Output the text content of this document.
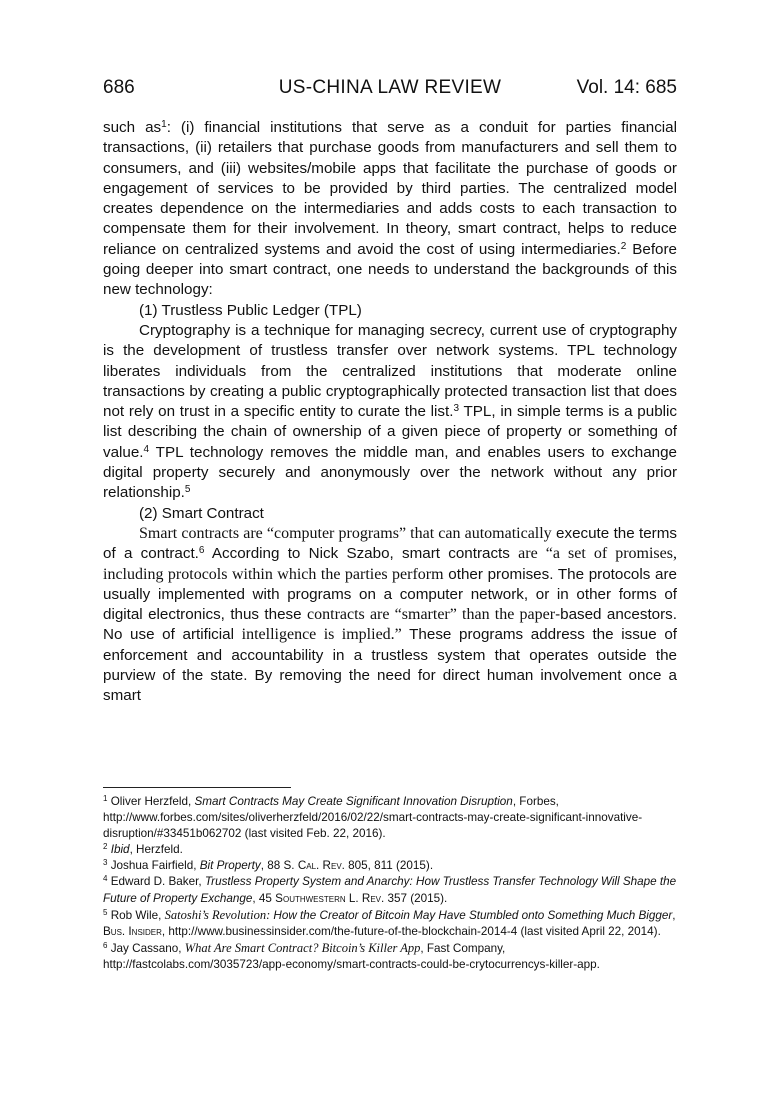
686	US-CHINA LAW REVIEW	Vol. 14: 685

such $as^1$: (i) financial institutions that serve as a conduit for parties financial transactions, (ii) retailers that purchase goods from manufacturers and sell them to consumers, and (iii) websites/mobile apps that facilitate the purchase of goods or engagement of services to be provided by third parties. The centralized model creates dependence on the intermediaries and adds costs to each transaction to compensate them for their involvement. In theory, smart contract, helps to reduce reliance on centralized systems and avoid the cost of using intermediaries.$^2$ Before going deeper into smart contract, one needs to understand the backgrounds of this new technology:

(1) Trustless Public Ledger (TPL)

Cryptography is a technique for managing secrecy, current use of cryptography is the development of trustless transfer over network systems. TPL technology liberates individuals from the centralized institutions that moderate online transactions by creating a public cryptographically protected transaction list that does not rely on trust in a specific entity to curate the list.$^3$ TPL, in simple terms is a public list describing the chain of ownership of a given piece of property or something of value.$^4$ TPL technology removes the middle man, and enables users to exchange digital property securely and anonymously over the network without any prior relationship.$^5$

(2) Smart Contract

Smart contracts are “computer programs” that can automatically execute the terms of a contract.$^6$ According to Nick Szabo, smart contracts are “a set of promises, including protocols within which the parties perform other promises. The protocols are usually implemented with programs on a computer network, or in other forms of digital electronics, thus these contracts are “smarter” than the paper-based ancestors. No use of artificial intelligence is implied.” These programs address the issue of enforcement and accountability in a trustless system that operates outside the purview of the state. By removing the need for direct human involvement once a smart

$^1$ Oliver Herzfeld, Smart Contracts May Create Significant Innovation Disruption, Forbes,
http://www.forbes.com/sites/oliverherzfeld/2016/02/22/smart-contracts-may-create-significant-innovative-disruption/#33451b062702 (last visited Feb. 22, 2016).

$^2$ Ibid, Herzfeld.

$^3$ Joshua Fairfield, Bit Property, 88 S. Cal. Rev. 805, 811 (2015).

$^4$ Edward D. Baker, Trustless Property System and Anarchy: How Trustless Transfer Technology Will Shape the Future of Property Exchange, 45 Southwestern L. Rev. 357 (2015).

$^5$ Rob Wile, Satoshi’s Revolution: How the Creator of Bitcoin May Have Stumbled onto Something Much Bigger, Bus. Insider, http://www.businessinsider.com/the-future-of-the-blockchain-2014-4 (last visited April 22, 2014).

$^6$ Jay Cassano, What Are Smart Contract? Bitcoin’s Killer App, Fast Company,
http://fastcolabs.com/3035723/app-economy/smart-contracts-could-be-crytocurrencys-killer-app.
